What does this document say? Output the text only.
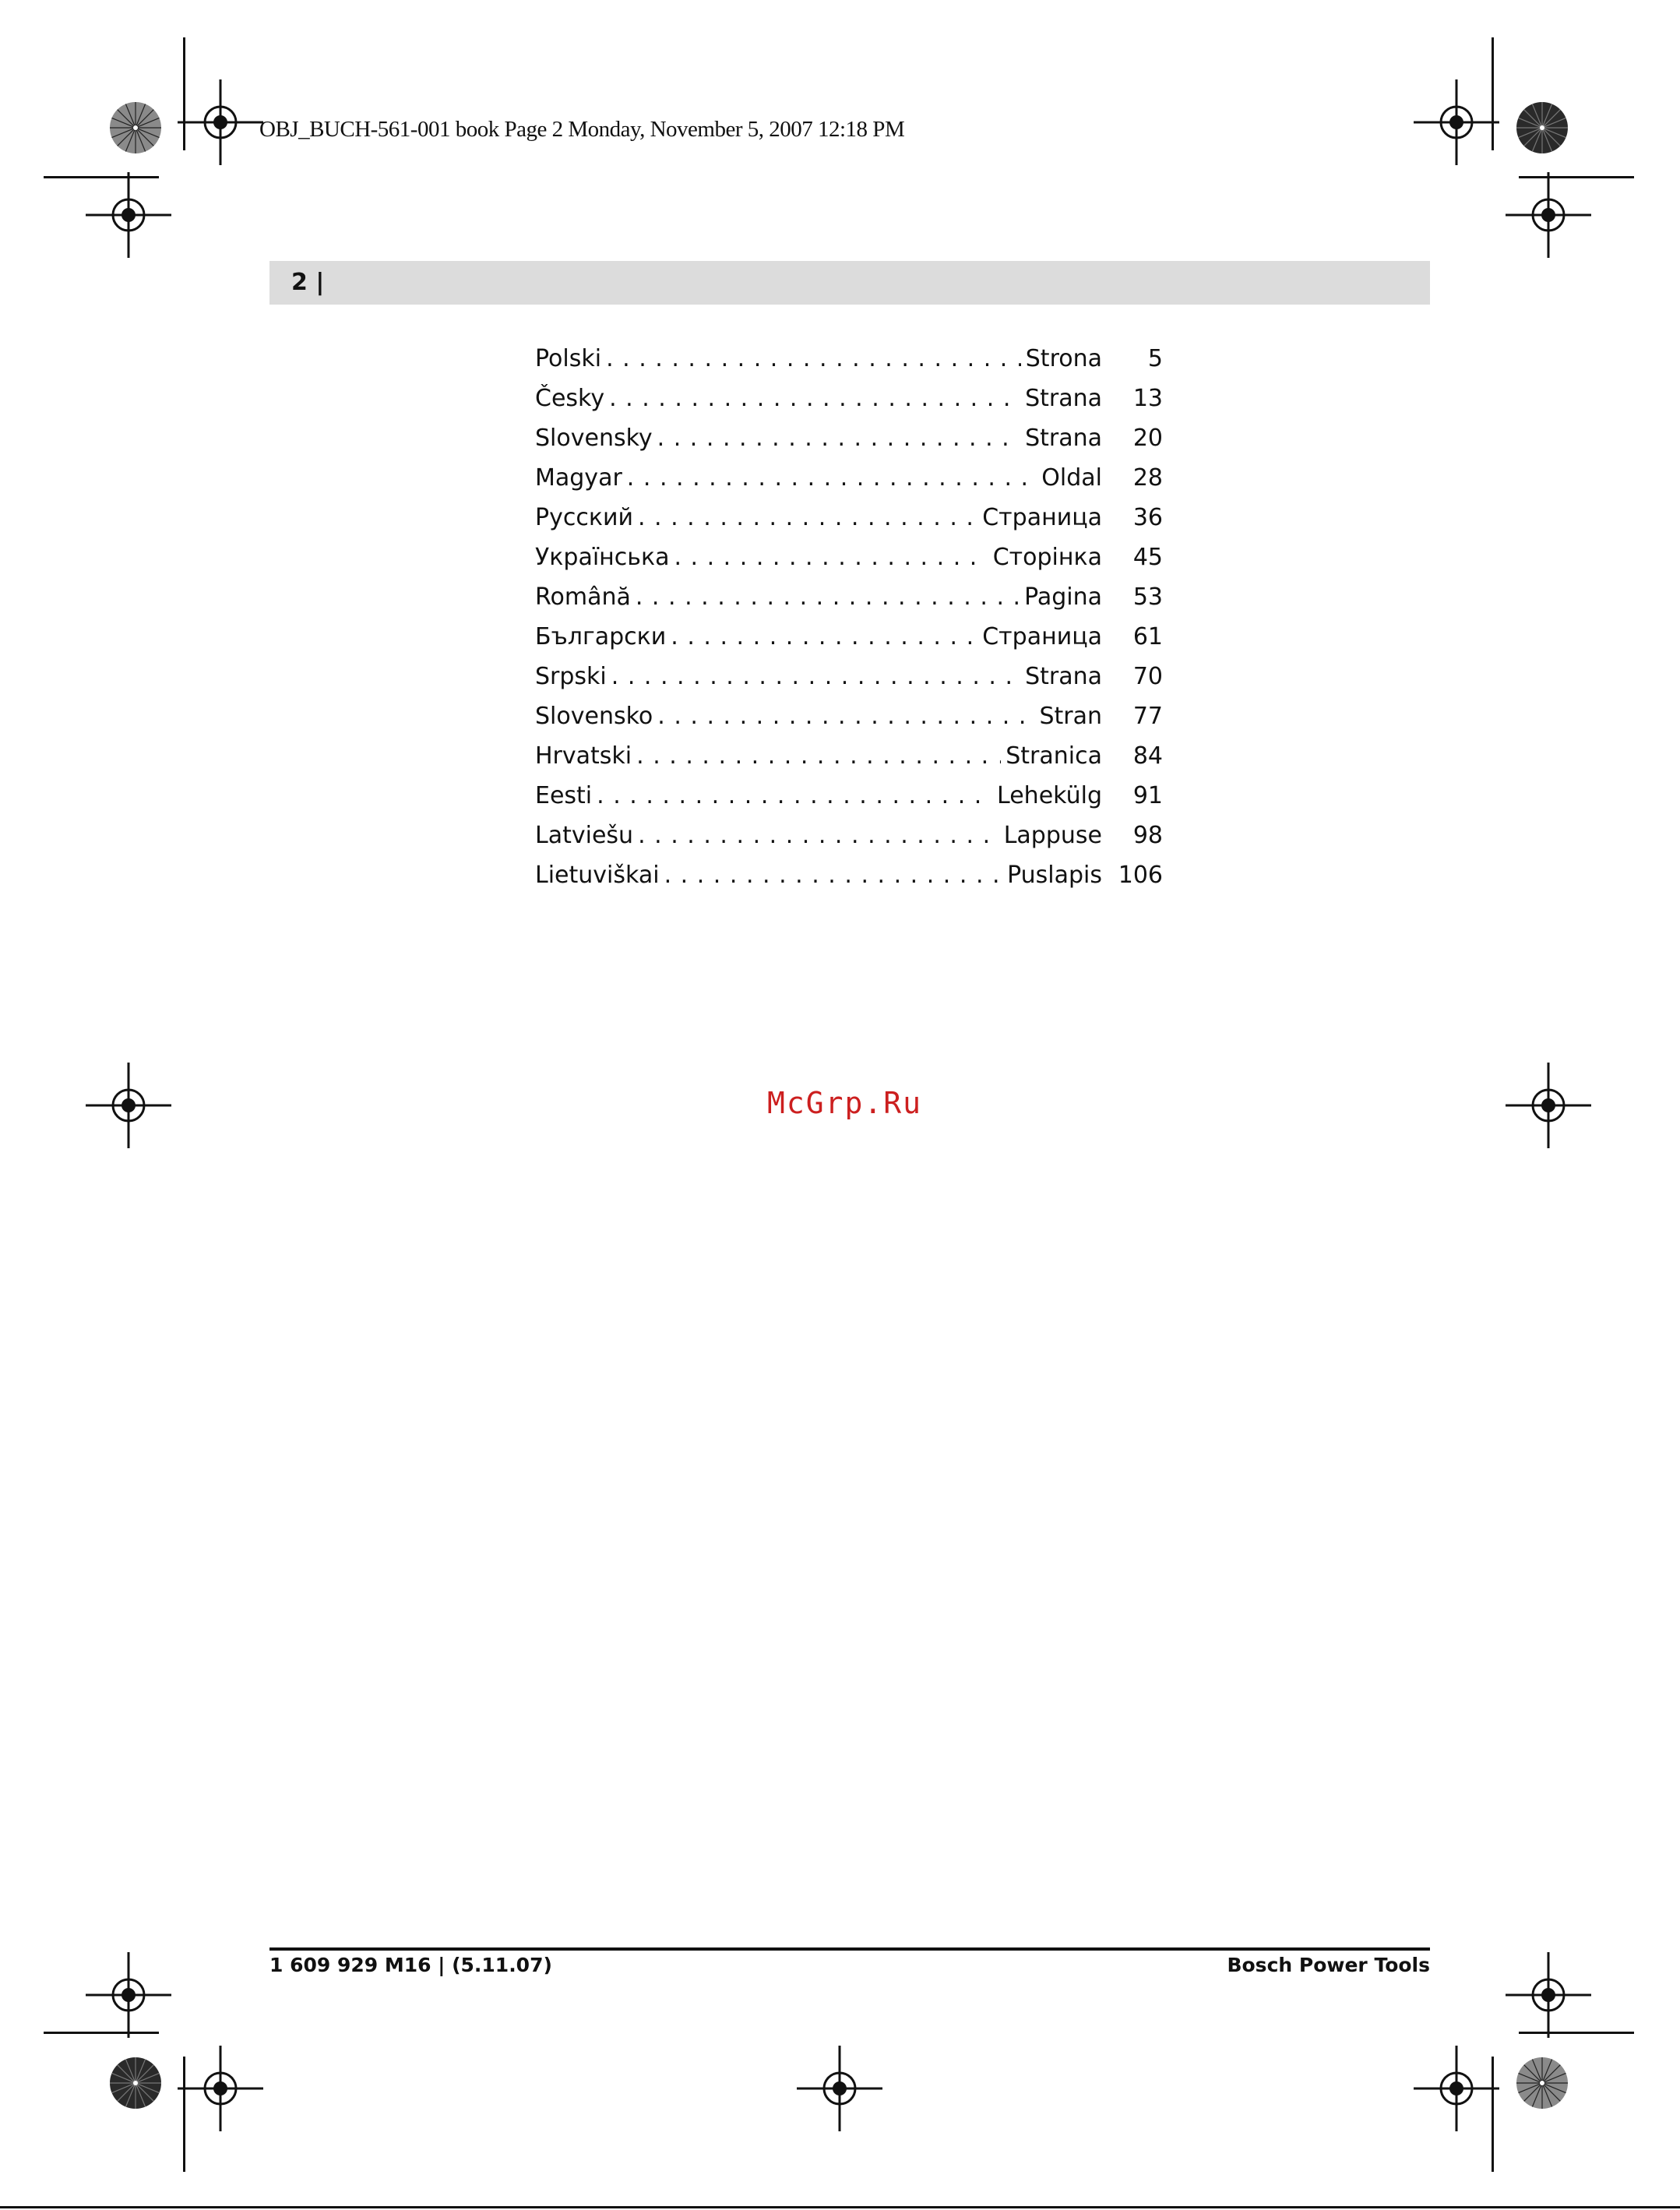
OBJ_BUCH-561-001 book Page 2 Monday, November 5, 2007 12:18 PM
2 |
Polski . . .	Strona	5
Česky . . .	Strana	13
Slovensky . . .	Strana	20
Magyar . . .	Oldal	28
Русский . . .	Страница	36
Українська . . .	Сторінка	45
Română . . .	Pagina	53
Български . . .	Страница	61
Srpski . . .	Strana	70
Slovensko . . .	Stran	77
Hrvatski . . .	Stranica	84
Eesti . . .	Lehekülg	91
Latviešu . . .	Lappuse	98
Lietuviškai . . .	Puslapis 106
McGrp.Ru
1 609 929 M16 | (5.11.07)	Bosch Power Tools
